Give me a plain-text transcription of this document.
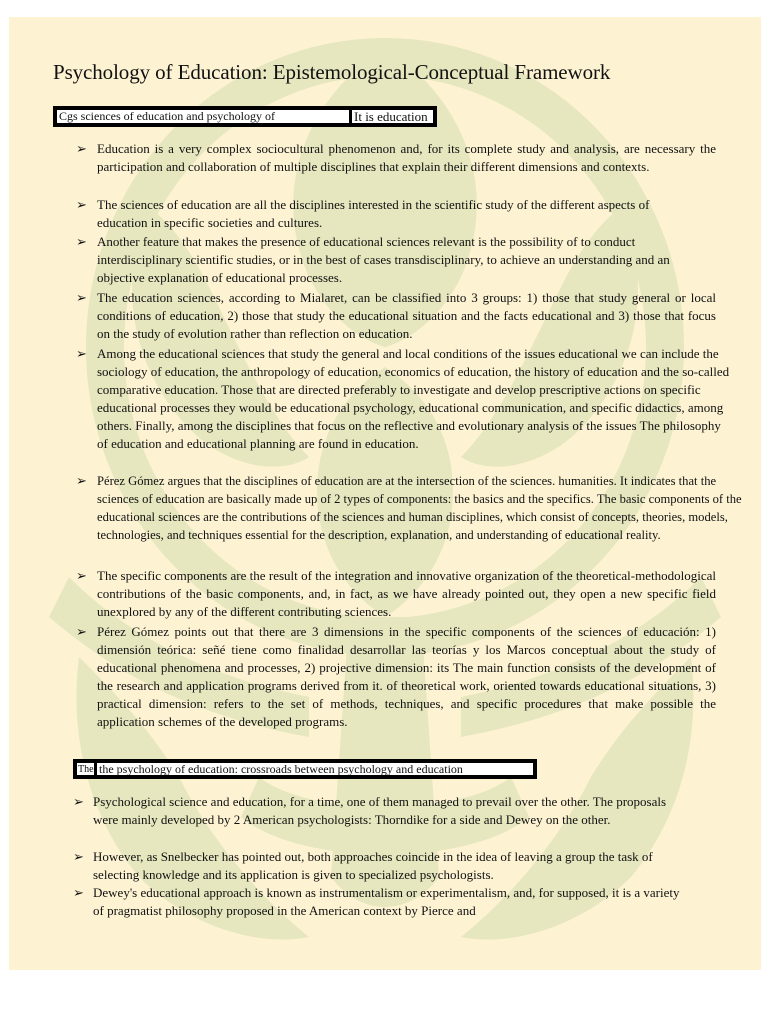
Psychology of Education: Epistemological-Conceptual Framework
Cgs sciences of education and psychology of	It is education
➢ Education is a very complex sociocultural phenomenon and, for its complete study and analysis, are necessary the participation and collaboration of multiple disciplines that explain their different dimensions and contexts.
➢ The sciences of education are all the disciplines interested in the scientific study of the different aspects of education in specific societies and cultures.
➢ Another feature that makes the presence of educational sciences relevant is the possibility of to conduct interdisciplinary scientific studies, or in the best of cases transdisciplinary, to achieve an understanding and an objective explanation of educational processes.
➢ The education sciences, according to Mialaret, can be classified into 3 groups: 1) those that study general or local conditions of education, 2) those that study the educational situation and the facts educational and 3) those that focus on the study of evolution rather than reflection on education.
➢ Among the educational sciences that study the general and local conditions of the issues educational we can include the sociology of education, the anthropology of education, economics of education, the history of education and the so-called comparative education. Those that are directed preferably to investigate and develop prescriptive actions on specific educational processes they would be educational psychology, educational communication, and specific didactics, among others. Finally, among the disciplines that focus on the reflective and evolutionary analysis of the issues The philosophy of education and educational planning are found in education.
➢ Pérez Gómez argues that the disciplines of education are at the intersection of the sciences. humanities. It indicates that the sciences of education are basically made up of 2 types of components: the basics and the specifics. The basic components of the educational sciences are the contributions of the sciences and human disciplines, which consist of concepts, theories, models, technologies, and techniques essential for the description, explanation, and understanding of educational reality.
➢ The specific components are the result of the integration and innovative organization of the theoretical-methodological contributions of the basic components, and, in fact, as we have already pointed out, they open a new specific field unexplored by any of the different contributing sciences.
➢ Pérez Gómez points out that there are 3 dimensions in the specific components of the sciences of educación: 1) dimensión teórica: señé tiene como finalidad desarrollar las teorías y los Marcos conceptual about the study of educational phenomena and processes, 2) projective dimension: its The main function consists of the development of the research and application programs derived from it. of theoretical work, oriented towards educational situations, 3) practical dimension: refers to the set of methods, techniques, and specific procedures that make possible the application schemes of the developed programs.
The the psychology of education: crossroads between psychology and education
➢ Psychological science and education, for a time, one of them managed to prevail over the other. The proposals were mainly developed by 2 American psychologists: Thorndike for a side and Dewey on the other.
➢ However, as Snelbecker has pointed out, both approaches coincide in the idea of leaving a group the task of selecting knowledge and its application is given to specialized psychologists.
➢ Dewey's educational approach is known as instrumentalism or experimentalism, and, for supposed, it is a variety of pragmatist philosophy proposed in the American context by Pierce and
